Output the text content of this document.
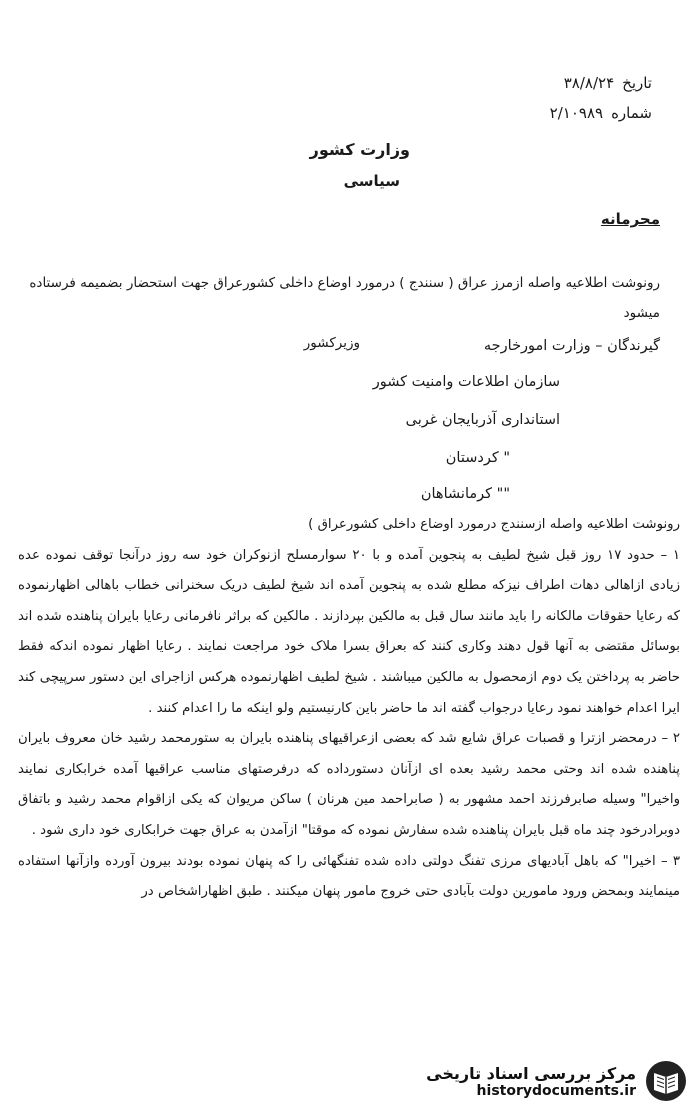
تاریخ
۳۸/۸/۲۴
شماره
۲/۱۰۹۸۹
وزارت کشور
سیاسی
محرمانه
رونوشت اطلاعیه واصله ازمرز عراق ( سنندج ) درمورد اوضاع داخلی کشورعراق جهت استحضار بضمیمه فرستاده میشود
وزیرکشور	گیرندگان – وزارت امورخارجه
سازمان اطلاعات وامنیت کشور
استانداری آذربایجان غربی
" کردستان
"" کرمانشاهان

رونوشت اطلاعیه واصله ازسنندج درمورد اوضاع داخلی کشورعراق )

۱ – حدود ۱۷ روز قبل شیخ لطیف به پنجوین آمده و با ۲۰ سوارمسلح ازنوکران خود سه روز درآنجا توقف نموده عده زیادی ازاهالی دهات اطراف نیزکه مطلع شده به پنجوین آمده اند شیخ لطیف دریک سخنرانی خطاب باهالی اظهارنموده که رعایا حقوقات مالکانه را باید مانند سال قبل به مالکین بپردازند . مالکین که براثر نافرمانی رعایا بایران پناهنده شده اند بوسائل مقتضی به آنها قول دهند وکاری کنند که بعراق بسرا ملاک خود مراجعت نمایند . رعایا اظهار نموده اندکه فقط حاضر به پرداختن یک دوم ازمحصول به مالکین میباشند . شیخ لطیف اظهارنموده هرکس ازاجرای این دستور سرپیچی کند ایرا اعدام خواهند نمود رعایا درجواب گفته اند ما حاضر باین کارنیستیم ولو اینکه ما را اعدام کنند .

۲ – درمحضر ازترا و قصبات عراق شایع شد که بعضی ازعراقیهای پناهنده بایران به ستورمحمد رشید خان معروف بایران پناهنده شده اند وحتی محمد رشید بعده ای ازآنان دستورداده که درفرصتهای مناسب عراقیها آمده خرابکاری نمایند واخیرا" وسیله صابرفرزند احمد مشهور به ( صابراحمد مین هرنان ) ساکن مریوان که یکی ازاقوام محمد رشید و باتفاق دوبرادرخود چند ماه قبل بایران پناهنده شده سفارش نموده که موقتا" ازآمدن به عراق جهت خرابکاری خود داری شود .

۳ – اخیرا" که باهل آبادیهای مرزی تفنگ دولتی داده شده تفنگهائی را که پنهان نموده بودند بیرون آورده وازآنها استفاده مینمایند وبمحض ورود مامورین دولت بآبادی حتی خروج مامور پنهان میکنند . طبق اظهاراشخاص در

مرکز بررسی اسناد تاریخی
historydocuments.ir
